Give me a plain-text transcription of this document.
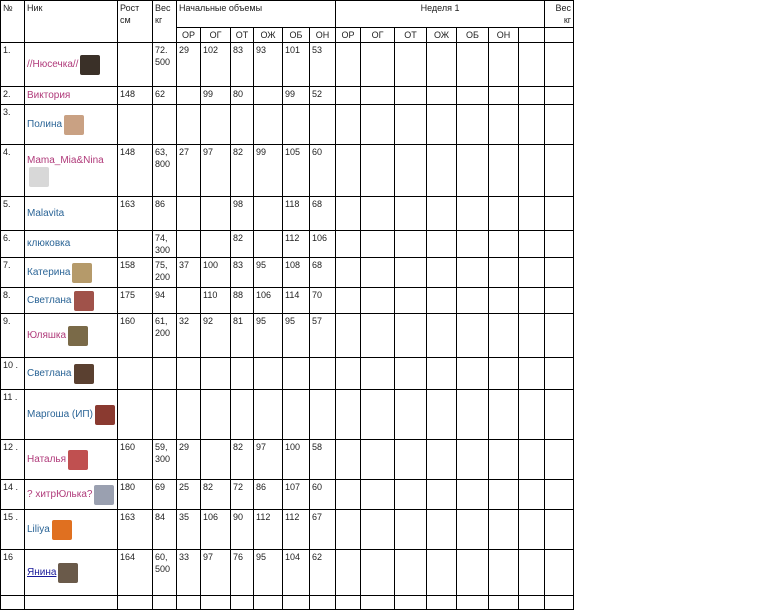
№	Ник	Рост см	Вес кг	Начальные объемы						Неделя 1							Вес кг
				ОР	ОГ	ОТ	ОЖ	ОБ	ОН	ОР	ОГ	ОТ	ОЖ	ОБ	ОН		
1.	//Нюсечка//		72. 500	29	102	83	93	101	53								
2.	Виктория	148	62		99	80		99	52								
3.	Полина																
4.	Mama_Mia&Nina	148	63, 800	27	97	82	99	105	60								
5.	Malavita	163	86			98		118	68								
6.	клюковка		74, 300			82		112	106								
7.	Катерина	158	75, 200	37	100	83	95	108	68								
8.	Светлана	175	94		110	88	106	114	70								
9.	Юляшка	160	61, 200	32	92	81	95	95	57								
10 .	Светлана																
11 .	Маргоша (ИП)																
12 .	Наталья	160	59, 300	29		82	97	100	58								
14 .	? хитрЮлька?	180	69	25	82	72	86	107	60								
15 .	Liliya	163	84	35	106	90	112	112	67								
16	Янина	164	60, 500	33	97	76	95	104	62								
